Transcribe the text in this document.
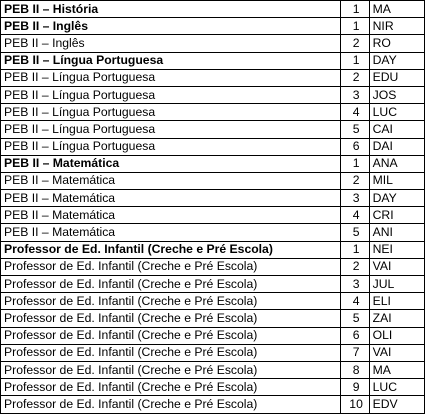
PEB II – História	1	MA
PEB II – Inglês	1	NIR
PEB II – Inglês	2	RO
PEB II – Língua Portuguesa	1	DAY
PEB II – Língua Portuguesa	2	EDU
PEB II – Língua Portuguesa	3	JOS
PEB II – Língua Portuguesa	4	LUC
PEB II – Língua Portuguesa	5	CAI
PEB II – Língua Portuguesa	6	DAI
PEB II – Matemática	1	ANA
PEB II – Matemática	2	MIL
PEB II – Matemática	3	DAY
PEB II – Matemática	4	CRI
PEB II – Matemática	5	ANI
Professor de Ed. Infantil (Creche e Pré Escola)	1	NEI
Professor de Ed. Infantil (Creche e Pré Escola)	2	VAI
Professor de Ed. Infantil (Creche e Pré Escola)	3	JUL
Professor de Ed. Infantil (Creche e Pré Escola)	4	ELI
Professor de Ed. Infantil (Creche e Pré Escola)	5	ZAI
Professor de Ed. Infantil (Creche e Pré Escola)	6	OLI
Professor de Ed. Infantil (Creche e Pré Escola)	7	VAI
Professor de Ed. Infantil (Creche e Pré Escola)	8	MA
Professor de Ed. Infantil (Creche e Pré Escola)	9	LUC
Professor de Ed. Infantil (Creche e Pré Escola)	10	EDV
